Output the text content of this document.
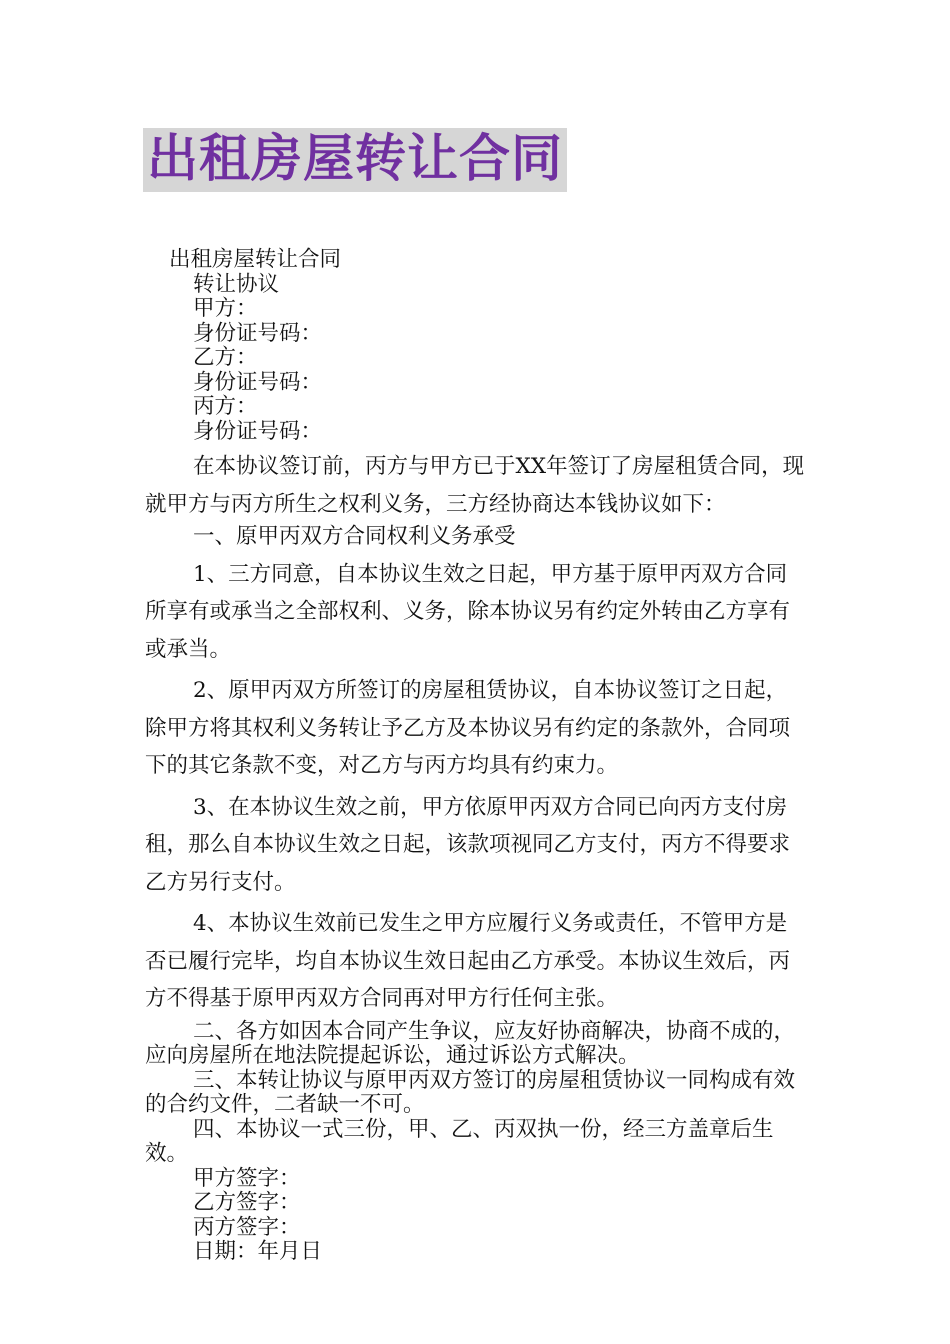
出租房屋转让合同

出租房屋转让合同

转让协议

甲方：

身份证号码：

乙方：

身份证号码：

丙方：

身份证号码：

在本协议签订前，丙方与甲方已于XX年签订了房屋租赁合同，现就甲方与丙方所生之权利义务，三方经协商达本钱协议如下：

一、原甲丙双方合同权利义务承受

1、三方同意，自本协议生效之日起，甲方基于原甲丙双方合同所享有或承当之全部权利、义务，除本协议另有约定外转由乙方享有或承当。

2、原甲丙双方所签订的房屋租赁协议，自本协议签订之日起，除甲方将其权利义务转让予乙方及本协议另有约定的条款外，合同项下的其它条款不变，对乙方与丙方均具有约束力。

3、在本协议生效之前，甲方依原甲丙双方合同已向丙方支付房租，那么自本协议生效之日起，该款项视同乙方支付，丙方不得要求乙方另行支付。

4、本协议生效前已发生之甲方应履行义务或责任，不管甲方是否已履行完毕，均自本协议生效日起由乙方承受。本协议生效后，丙方不得基于原甲丙双方合同再对甲方行任何主张。

二、各方如因本合同产生争议，应友好协商解决，协商不成的，应向房屋所在地法院提起诉讼，通过诉讼方式解决。

三、本转让协议与原甲丙双方签订的房屋租赁协议一同构成有效的合约文件，二者缺一不可。

四、本协议一式三份，甲、乙、丙双执一份，经三方盖章后生效。

甲方签字：

乙方签字：

丙方签字：

日期：年月日
